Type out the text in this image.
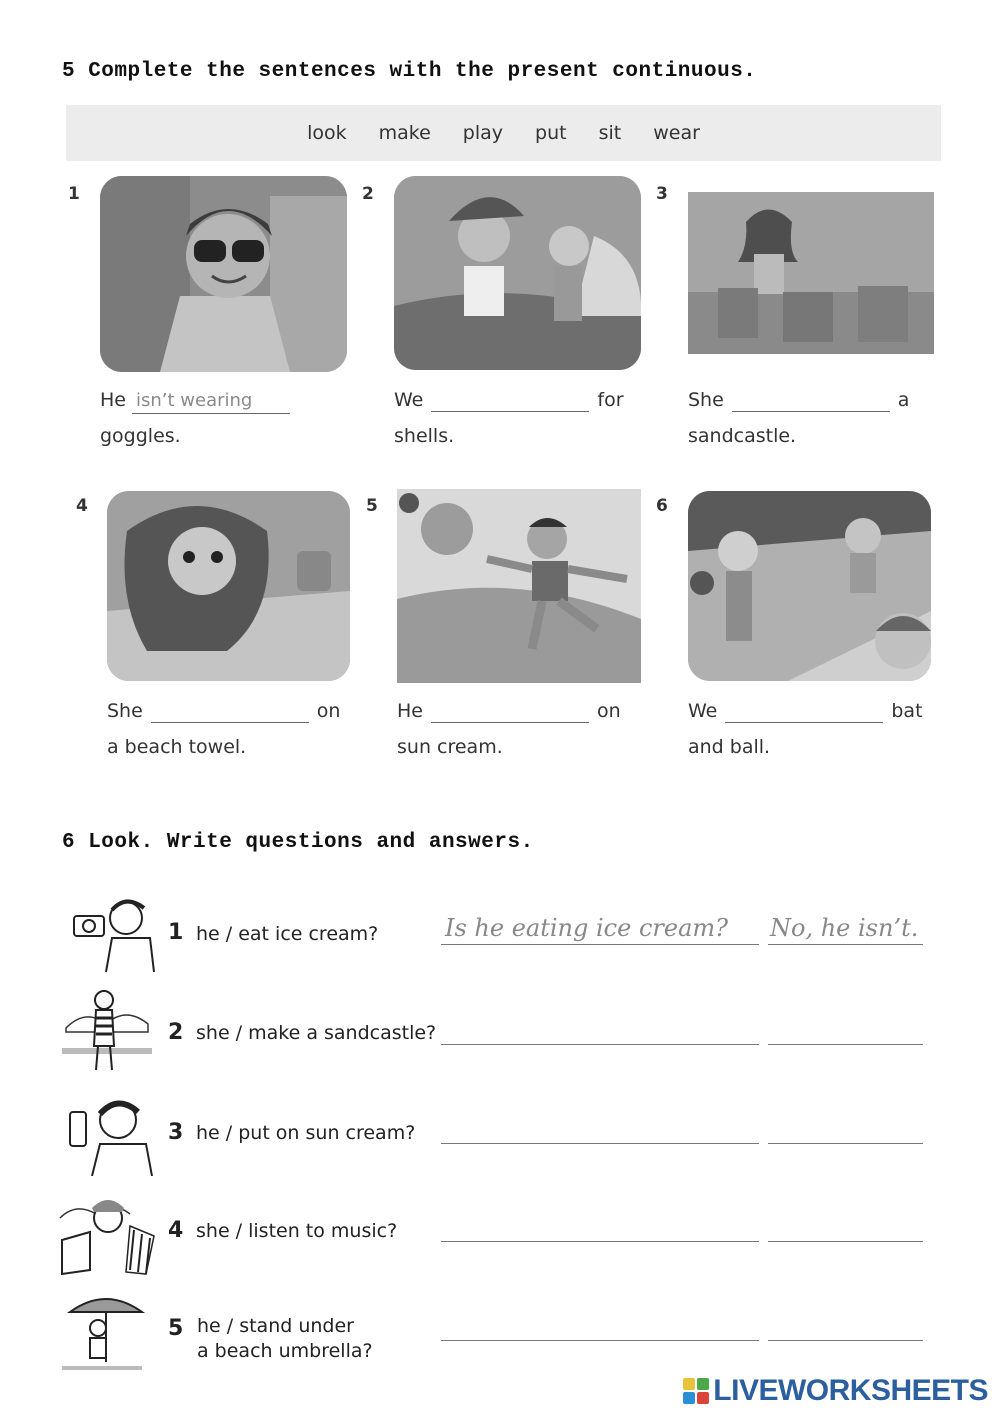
5 Complete the sentences with the present continuous.
look make play put sit wear
1
He isn’t wearing
goggles.
2
We	for
shells.
3
She	a
sandcastle.
4
She	on
a beach towel.
5
He	on
sun cream.
6
We	bat
and ball.
6 Look. Write questions and answers.
1 he / eat ice cream?	Is he eating ice cream? No, he isn’t.
2 she / make a sandcastle?
3 he / put on sun cream?
4 she / listen to music?
5 he / stand under
a beach umbrella?
LIVEWORKSHEETS
